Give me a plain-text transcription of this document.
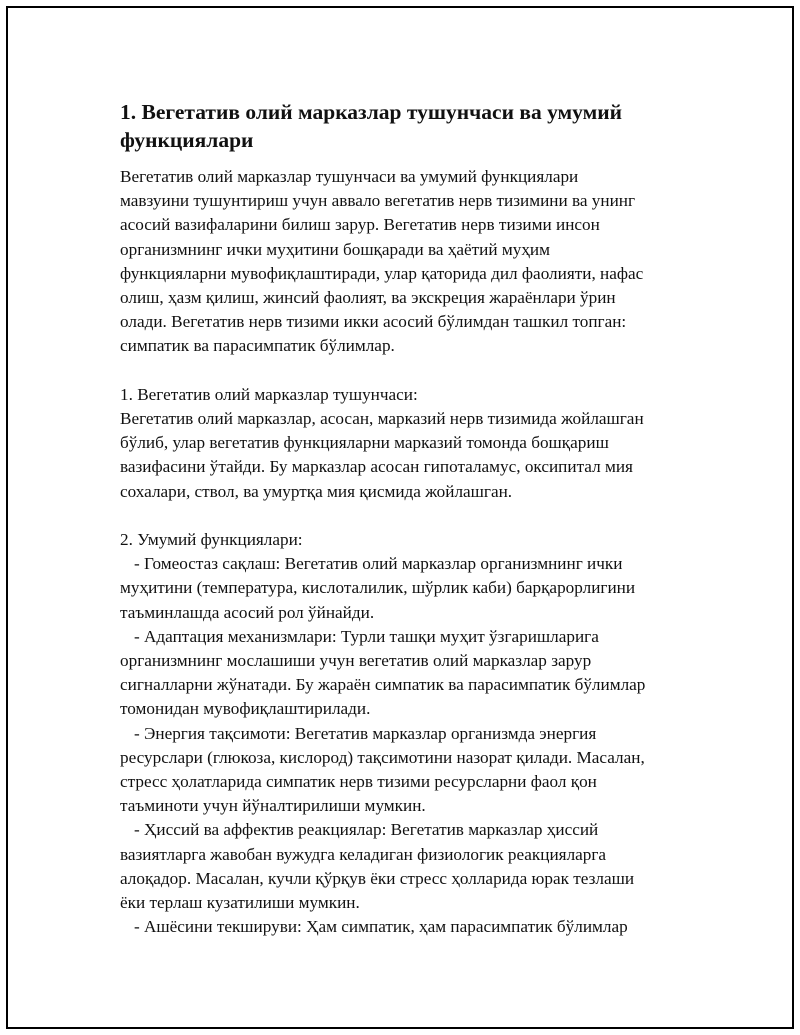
1. Вегетатив олий марказлар тушунчаси ва умумий
функциялари
Вегетатив олий марказлар тушунчаси ва умумий функциялари
мавзуини тушунтириш учун аввало вегетатив нерв тизимини ва унинг
асосий вазифаларини билиш зарур. Вегетатив нерв тизими инсон
организмнинг ички муҳитини бошқаради ва ҳаётий муҳим
функцияларни мувофиқлаштиради, улар қаторида дил фаолияти, нафас
олиш, ҳазм қилиш, жинсий фаолият, ва экскреция жараёнлари ўрин
олади. Вегетатив нерв тизими икки асосий бўлимдан ташкил топган:
симпатик ва парасимпатик бўлимлар.
1. Вегетатив олий марказлар тушунчаси:
Вегетатив олий марказлар, асосан, марказий нерв тизимида жойлашган
бўлиб, улар вегетатив функцияларни марказий томонда бошқариш
вазифасини ўтайди. Бу марказлар асосан гипоталамус, оксипитал мия
сохалари, ствол, ва умуртқа мия қисмида жойлашган.
2. Умумий функциялари:
- Гомеостаз сақлаш: Вегетатив олий марказлар организмнинг ички
муҳитини (температура, кислоталилик, шўрлик каби) барқарорлигини
таъминлашда асосий рол ўйнайди.
- Адаптация механизмлари: Турли ташқи муҳит ўзгаришларига
организмнинг мослашиши учун вегетатив олий марказлар зарур
сигналларни жўнатади. Бу жараён симпатик ва парасимпатик бўлимлар
томонидан мувофиқлаштирилади.
- Энергия тақсимоти: Вегетатив марказлар организмда энергия
ресурслари (глюкоза, кислород) тақсимотини назорат қилади. Масалан,
стресс ҳолатларида симпатик нерв тизими ресурсларни фаол қон
таъминоти учун йўналтирилиши мумкин.
- Ҳиссий ва аффектив реакциялар: Вегетатив марказлар ҳиссий
вазиятларга жавобан вужудга келадиган физиологик реакцияларга
алоқадор. Масалан, кучли қўрқув ёки стресс ҳолларида юрак тезлаши
ёки терлаш кузатилиши мумкин.
- Ашёсини текшируви: Ҳам симпатик, ҳам парасимпатик бўлимлар
